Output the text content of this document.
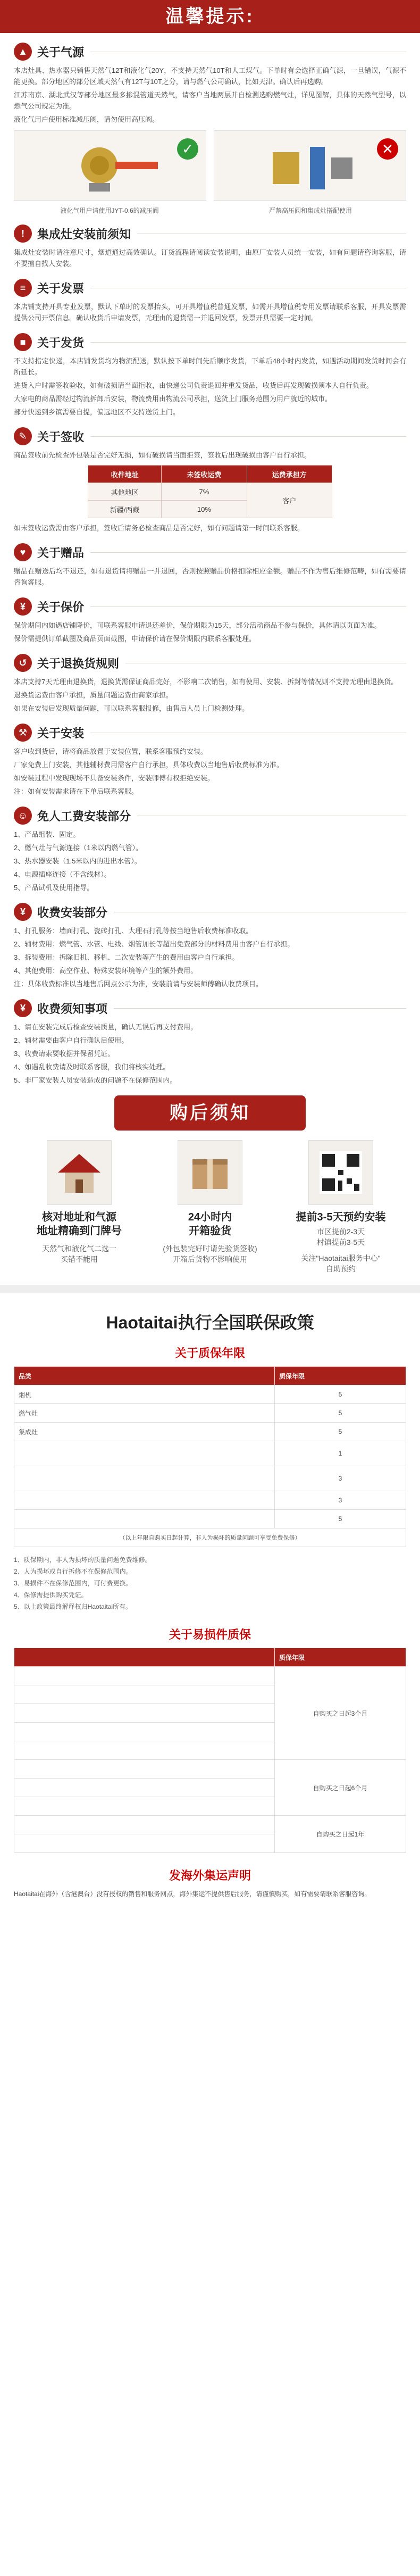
温馨提示:
▲ 关于气源

本店灶具、热水器只销售天然气12T和液化气20Y，不支持天然气10T和人工煤气。下单时有会选择正确气源，一旦错误，气源不能更换。部分地区的部分区域天然气有12T与10T之分，请与燃气公司确认，比如天津。确认后再选购。

江苏南京、湖北武汉等部分地区最多掺混管道天然气，请客户当地两层并自检测选购燃气灶，详见图解，具体的天然气型号，以燃气公司规定为准。

液化气用户使用标准减压阀，请勿使用高压阀。

✓	✕
液化气用户请使用JYT-0.6的减压阀	严禁高压阀和集成灶搭配使用
!	集成灶安装前须知

集成灶安装时请注意尺寸，烟道通过高效确认。订货流程请阅读安装说明，由原厂安装人员统一安装，如有问题请咨询客服，请不要擅自找人安装。

≡ 关于发票

本店铺支持开具专业发票，默认下单时的发票抬头，可开具增值税普通发票，如需开具增值税专用发票请联系客服，开具发票需提供公司开票信息。确认收货后申请发票，无理由的退货需一并退回发票，发票开具需要一定时间。

■ 关于发货

不支持指定快递，本店铺发货均为物流配送，默认按下单时间先后顺序发货，下单后48小时内发货，如遇活动期间发货时间会有所延长。

进货入户时需签收验收，如有破损请当面拒收，由快递公司负责退回并重发货品，收货后再发现破损须本人自行负责。

大家电的商品需经过物流拆卸后安装，物流费用由物流公司承担，送货上门服务范围为用户就近的城市。

部分快递到乡镇需要自提，偏远地区不支持送货上门。

✎ 关于签收

商品签收前先检查外包装是否完好无损，如有破损请当面拒签，签收后出现破损由客户自行承担。

收件地址	未签收运费	运费承担方
其他地区	7%	客户
新疆/西藏	10%	

如未签收运费需由客户承担，签收后请务必检查商品是否完好，如有问题请第一时间联系客服。

♥ 关于赠品

赠品在赠送后均不退还，如有退货请将赠品一并退回，否则按照赠品价格扣除相应金额。赠品不作为售后维修范畴，如有需要请咨询客服。

¥	关于保价

保价期间内如遇店铺降价，可联系客服申请退还差价，保价期限为15天，部分活动商品不参与保价，具体请以页面为准。

保价需提供订单截图及商品页面截图，申请保价请在保价期限内联系客服处理。

↺ 关于退换货规则

本店支持7天无理由退换货，退换货需保证商品完好，不影响二次销售，如有使用、安装、拆封等情况则不支持无理由退换货。

退换货运费由客户承担，质量问题运费由商家承担。

如果在安装后发现质量问题，可以联系客服报修，由售后人员上门检测处理。

⚒ 关于安装

客户收到货后，请将商品放置于安装位置，联系客服预约安装。

厂家免费上门安装，其他辅材费用需客户自行承担，具体收费以当地售后收费标准为准。

如安装过程中发现现场不具备安装条件，安装师傅有权拒绝安装。

注：如有安装需求请在下单后联系客服。

☺ 免人工费安装部分

1、产品组装、固定。

2、燃气灶与气源连接（1米以内燃气管）。

3、热水器安装（1.5米以内的进出水管）。

4、电源插座连接（不含线材）。

5、产品试机及使用指导。

¥	收费安装部分

1、打孔服务：墙面打孔、瓷砖打孔、大理石打孔等按当地售后收费标准收取。

2、辅材费用：燃气管、水管、电线、烟管加长等超出免费部分的材料费用由客户自行承担。

3、拆装费用：拆除旧机、移机、二次安装等产生的费用由客户自行承担。

4、其他费用：高空作业、特殊安装环境等产生的额外费用。

注：具体收费标准以当地售后网点公示为准，安装前请与安装师傅确认收费项目。

¥	收费须知事项

1、请在安装完成后检查安装质量，确认无误后再支付费用。

2、辅材需要由客户自行确认后使用。

3、收费请索要收据并保留凭证。

4、如遇乱收费请及时联系客服，我们将核实处理。

5、非厂家安装人员安装造成的问题不在保修范围内。

购后须知
核对地址和气源
地址精确到门牌号
天然气和液化气二选一
买错不能用
24小时内
开箱验货
(外包装完好时请先验货签收)
开箱后货物不影响使用
提前3-5天预约安装
市区提前2-3天
村镇提前3-5天
关注"Haotaitai服务中心"
自助预约
Haotaitai执行全国联保政策
关于质保年限
品类	质保年限
烟机	5
燃气灶	5
集成灶	5
	1
	3
	3
	5
（以上年限自购买日起计算，非人为损坏的质量问题可享受免费保修）	

1、质保期内，非人为损坏的质量问题免费维修。

2、人为损坏或自行拆修不在保修范围内。

3、易损件不在保修范围内，可付费更换。

4、保修需提供购买凭证。

5、以上政策最终解释权归Haotaitai所有。

关于易损件质保
	质保年限
	自购买之日起3个月

	自购买之日起6个月

	自购买之日起1年

发海外集运声明

Haotaitai在海外（含港澳台）没有授权的销售和服务网点，海外集运不提供售后服务，请谨慎购买，如有需要请联系客服咨询。
